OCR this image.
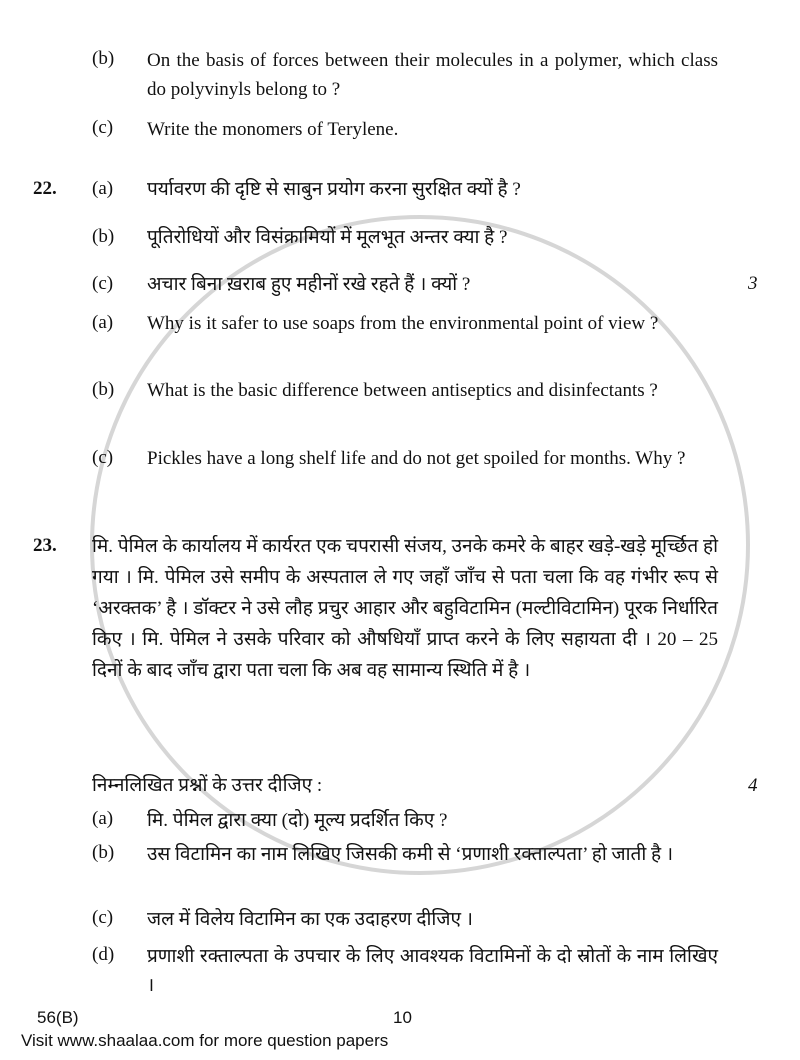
(b) On the basis of forces between their molecules in a polymer, which class do polyvinyls belong to ?
(c) Write the monomers of Terylene.
22. (a) पर्यावरण की दृष्टि से साबुन प्रयोग करना सुरक्षित क्यों है ?
(b) पूतिरोधियों और विसंक्रामियों में मूलभूत अन्तर क्या है ?
(c) अचार बिना ख़राब हुए महीनों रखे रहते हैं । क्यों ?	3
(a) Why is it safer to use soaps from the environmental point of view ?
(b) What is the basic difference between antiseptics and disinfectants ?
(c) Pickles have a long shelf life and do not get spoiled for months. Why ?
23. मि. पेमिल के कार्यालय में कार्यरत एक चपरासी संजय, उनके कमरे के बाहर खड़े-खड़े मूर्च्छित हो गया । मि. पेमिल उसे समीप के अस्पताल ले गए जहाँ जाँच से पता चला कि वह गंभीर रूप से ‘अरक्तक’ है । डॉक्टर ने उसे लौह प्रचुर आहार और बहुविटामिन (मल्टीविटामिन) पूरक निर्धारित किए । मि. पेमिल ने उसके परिवार को औषधियाँ प्राप्त करने के लिए सहायता दी । 20 – 25 दिनों के बाद जाँच द्वारा पता चला कि अब वह सामान्य स्थिति में है ।
निम्नलिखित प्रश्नों के उत्तर दीजिए :	4
(a) मि. पेमिल द्वारा क्या (दो) मूल्य प्रदर्शित किए ?
(b) उस विटामिन का नाम लिखिए जिसकी कमी से ‘प्रणाशी रक्ताल्पता’ हो जाती है ।
(c) जल में विलेय विटामिन का एक उदाहरण दीजिए ।
(d) प्रणाशी रक्ताल्पता के उपचार के लिए आवश्यक विटामिनों के दो स्रोतों के नाम लिखिए ।
56(B)	10
Visit www.shaalaa.com for more question papers
